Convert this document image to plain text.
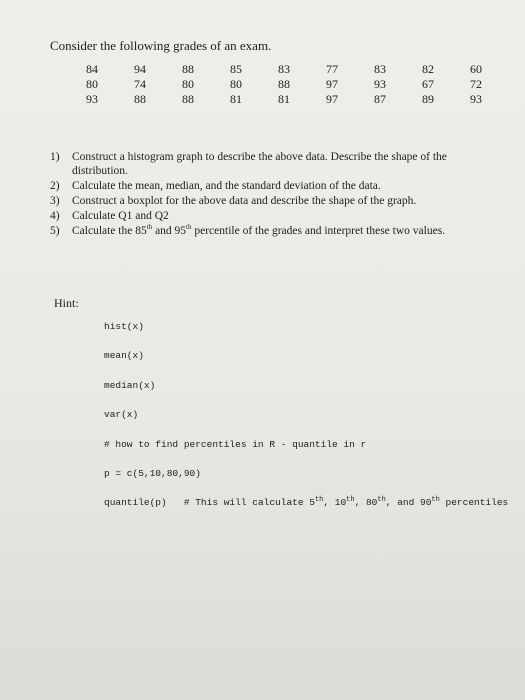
Consider the following grades of an exam.
84	94	88	85	83	77	83	82	60
80	74	80	80	88	97	93	67	72
93	88	88	81	81	97	87	89	93
1)	Construct a histogram graph to describe the above data. Describe the shape of the distribution.
2)	Calculate the mean, median, and the standard deviation of the data.
3)	Construct a boxplot for the above data and describe the shape of the graph.
4)	Calculate Q1 and Q2
5)	Calculate the 85th and 95th percentile of the grades and interpret these two values.
Hint:
hist(x)
mean(x)
median(x)
var(x)
# how to find percentiles in R - quantile in r
p = c(5,10,80,90)
quantile(p) # This will calculate 5th, 10th, 80th, and 90th percentiles
